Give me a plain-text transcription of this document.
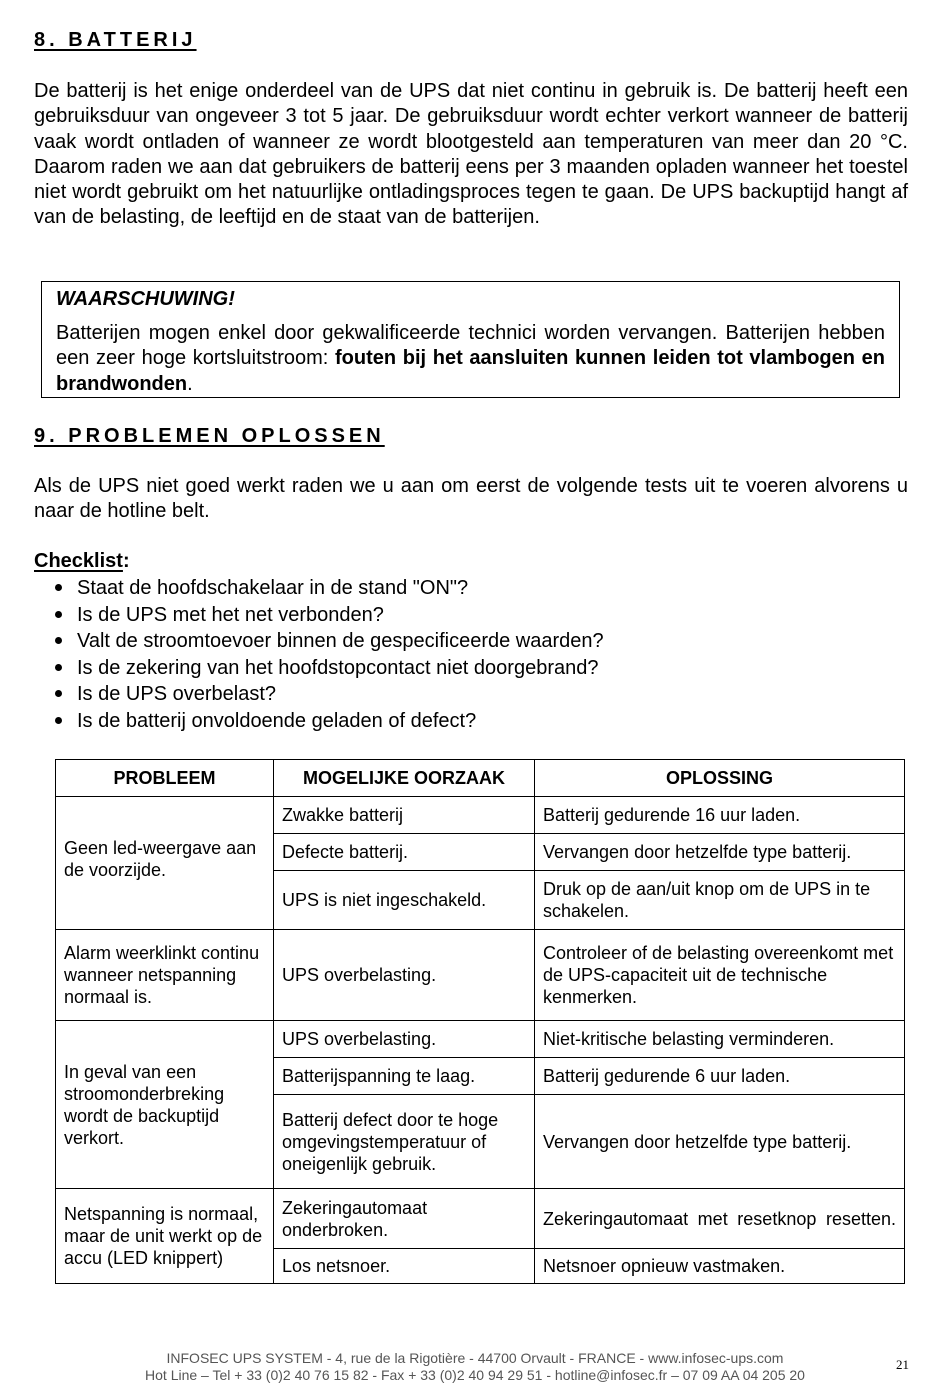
8. BATTERIJ

De batterij is het enige onderdeel van de UPS dat niet continu in gebruik is. De batterij heeft een gebruiksduur van ongeveer 3 tot 5 jaar. De gebruiksduur wordt echter verkort wanneer de batterij vaak wordt ontladen of wanneer ze wordt blootgesteld aan temperaturen van meer dan 20 °C. Daarom raden we aan dat gebruikers de batterij eens per 3 maanden opladen wanneer het toestel niet wordt gebruikt om het natuurlijke ontladingsproces tegen te gaan. De UPS backuptijd hangt af van de belasting, de leeftijd en de staat van de batterijen.

WAARSCHUWING!

Batterijen mogen enkel door gekwalificeerde technici worden vervangen. Batterijen hebben een zeer hoge kortsluitstroom: fouten bij het aansluiten kunnen leiden tot vlambogen en brandwonden.

9. PROBLEMEN OPLOSSEN

Als de UPS niet goed werkt raden we u aan om eerst de volgende tests uit te voeren alvorens u naar de hotline belt.

Checklist:
Staat de hoofdschakelaar in de stand "ON"?
Is de UPS met het net verbonden?
Valt de stroomtoevoer binnen de gespecificeerde waarden?
Is de zekering van het hoofdstopcontact niet doorgebrand?
Is de UPS overbelast?
Is de batterij onvoldoende geladen of defect?
PROBLEEM	MOGELIJKE OORZAAK	OPLOSSING
Geen led-weergave aan de voorzijde.	Zwakke batterij	Batterij gedurende 16 uur laden.
	Defecte batterij.	Vervangen door hetzelfde type batterij.
	UPS is niet ingeschakeld.	Druk op de aan/uit knop om de UPS in te schakelen.
Alarm weerklinkt continu wanneer netspanning normaal is.	UPS overbelasting.	Controleer of de belasting overeenkomt met de UPS-capaciteit uit de technische kenmerken.
In geval van een stroomonderbreking wordt de backuptijd verkort.	UPS overbelasting.	Niet-kritische belasting verminderen.
	Batterijspanning te laag.	Batterij gedurende 6 uur laden.
	Batterij defect door te hoge omgevingstemperatuur of oneigenlijk gebruik.	Vervangen door hetzelfde type batterij.
Netspanning is normaal, maar de unit werkt op de accu (LED knippert)	Zekeringautomaat onderbroken.	Zekeringautomaat met resetknop resetten.
	Los netsnoer.	Netsnoer opnieuw vastmaken.
INFOSEC UPS SYSTEM - 4, rue de la Rigotière - 44700 Orvault - FRANCE - www.infosec-ups.com
Hot Line – Tel + 33 (0)2 40 76 15 82 - Fax + 33 (0)2 40 94 29 51 - hotline@infosec.fr – 07 09 AA 04 205 20
21
